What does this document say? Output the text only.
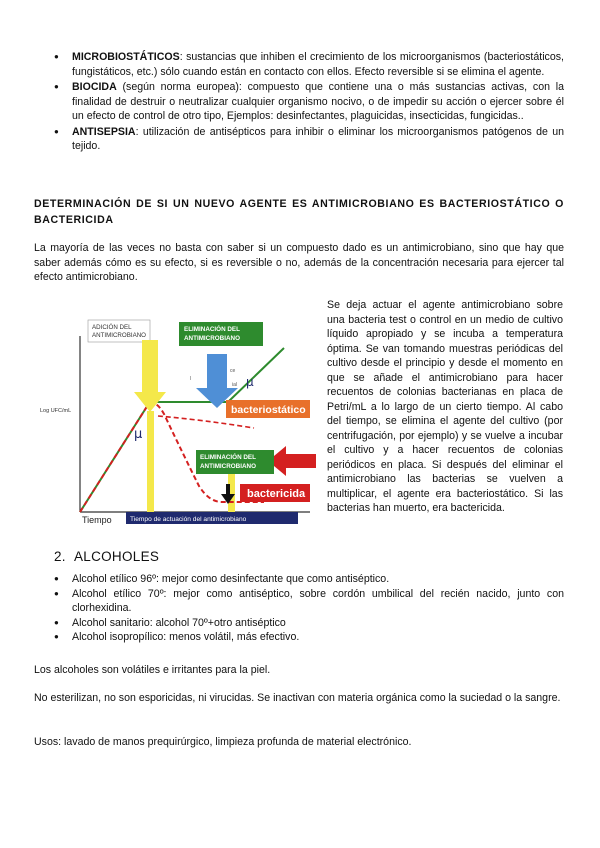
● MICROBIOSTÁTICOS: sustancias que inhiben el crecimiento de los microorganismos (bacteriostáticos, fungistáticos, etc.) sólo cuando están en contacto con ellos. Efecto reversible si se elimina el agente.
● BIOCIDA (según norma europea): compuesto que contiene una o más sustancias activas, con la finalidad de destruir o neutralizar cualquier organismo nocivo, o de impedir su acción o ejercer sobre él un efecto de control de otro tipo, Ejemplos: desinfectantes, plaguicidas, insecticidas, fungicidas..
● ANTISEPSIA: utilización de antisépticos para inhibir o eliminar los microorganismos patógenos de un tejido.
DETERMINACIÓN DE SI UN NUEVO AGENTE ES ANTIMICROBIANO ES BACTERIOSTÁTICO O BACTERICIDA
La mayoría de las veces no basta con saber si un compuesto dado es un antimicrobiano, sino que hay que saber además cómo es su efecto, si es reversible o no, además de la concentración necesaria para ejercer tal efecto antimicrobiano.
Log UFC/mL
Tiempo
ADICIÓN DEL ANTIMICROBIANO
ELIMINACIÓN DEL ANTIMICROBIANO
l
ce
ial μ
μ
bacteriostático
ELIMINACIÓN DEL ANTIMICROBIANO
bactericida
Tiempo de actuación del antimicrobiano
Se deja actuar el agente antimicrobiano sobre una bacteria test o control en un medio de cultivo líquido apropiado y se incuba a temperatura óptima. Se van tomando muestras periódicas del cultivo desde el principio y desde el momento en que se añade el antimicrobiano para hacer recuentos de colonias bacterianas en placa de Petri/mL a lo largo de un cierto tiempo. Al cabo del tiempo, se elimina el agente del cultivo (por centrifugación, por ejemplo) y se vuelve a incubar el cultivo y a hacer recuentos de colonias periódicos en placa. Si después del eliminar el antimicrobiano las bacterias se vuelven a multiplicar, el agente era bacteriostático. Si las bacterias han muerto, era bactericida.
2. ALCOHOLES
● Alcohol etílico 96º: mejor como desinfectante que como antiséptico.
● Alcohol etílico 70º: mejor como antiséptico, sobre cordón umbilical del recién nacido, junto con clorhexidina.
● Alcohol sanitario: alcohol 70º+otro antiséptico
● Alcohol isopropílico: menos volátil, más efectivo.
Los alcoholes son volátiles e irritantes para la piel.
No esterilizan, no son esporicidas, ni virucidas. Se inactivan con materia orgánica como la suciedad o la sangre.
Usos: lavado de manos prequirúrgico, limpieza profunda de material electrónico.
